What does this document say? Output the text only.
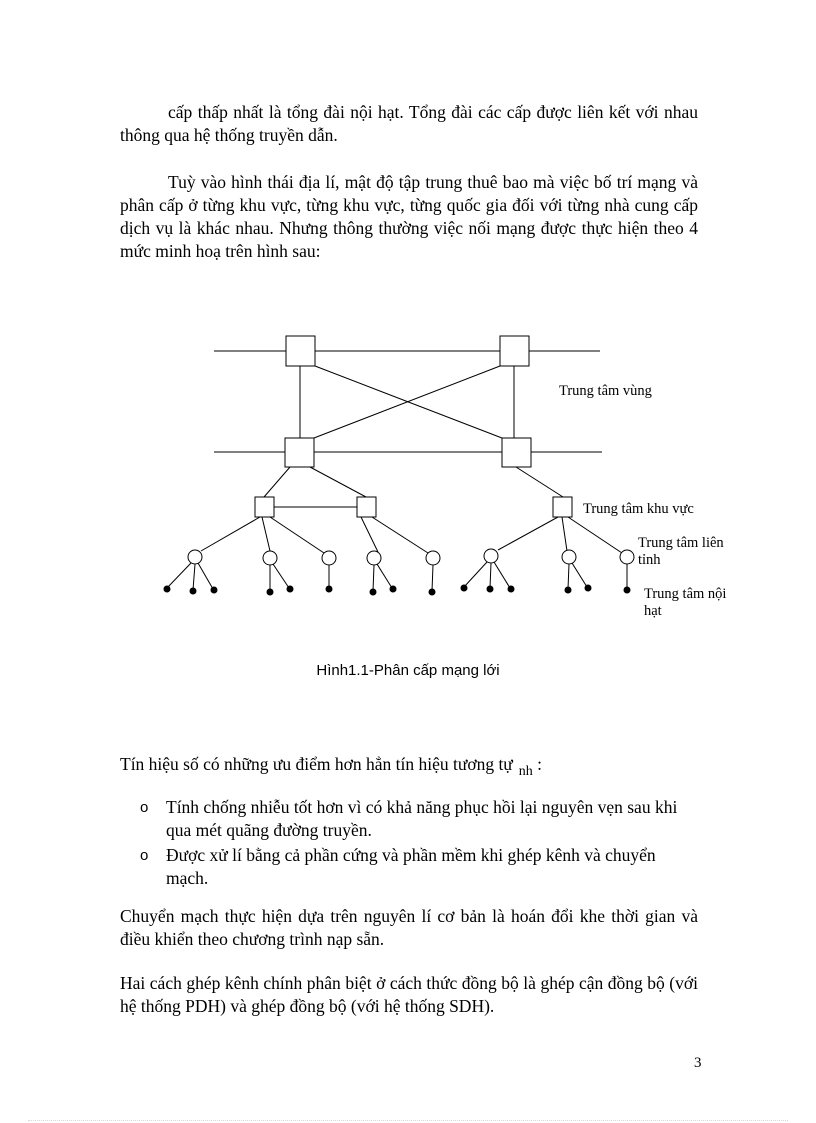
cấp thấp nhất là tổng đài nội hạt. Tổng đài các cấp được liên kết với nhau thông qua hệ thống truyền dẫn.

Tuỳ vào hình thái địa lí, mật độ tập trung thuê bao mà việc bố trí mạng và phân cấp ở từng khu vực, từng khu vực, từng quốc gia đối với từng nhà cung cấp dịch vụ là khác nhau. Nhưng thông thường việc nối mạng được thực hiện theo 4 mức minh hoạ trên hình sau:

Trung tâm vùng
Trung tâm khu vực
Trung tâm liên
tỉnh
Trung tâm nội
hạt
Hình1.1-Phân cấp mạng lới

Tín hiệu số có những ưu điểm hơn hẳn tín hiệu tương tự $_{nh}$ :

o Tính chống nhiễu tốt hơn vì có khả năng phục hồi lại nguyên vẹn sau khi qua mét quãng đường truyền.
o Được xử lí bằng cả phần cứng và phần mềm khi ghép kênh và chuyển mạch.

Chuyển mạch thực hiện dựa trên nguyên lí cơ bản là hoán đổi khe thời gian và điều khiển theo chương trình nạp sẵn.

Hai cách ghép kênh chính phân biệt ở cách thức đồng bộ là ghép cận đồng bộ (với hệ thống PDH) và ghép đồng bộ (với hệ thống SDH).

3
